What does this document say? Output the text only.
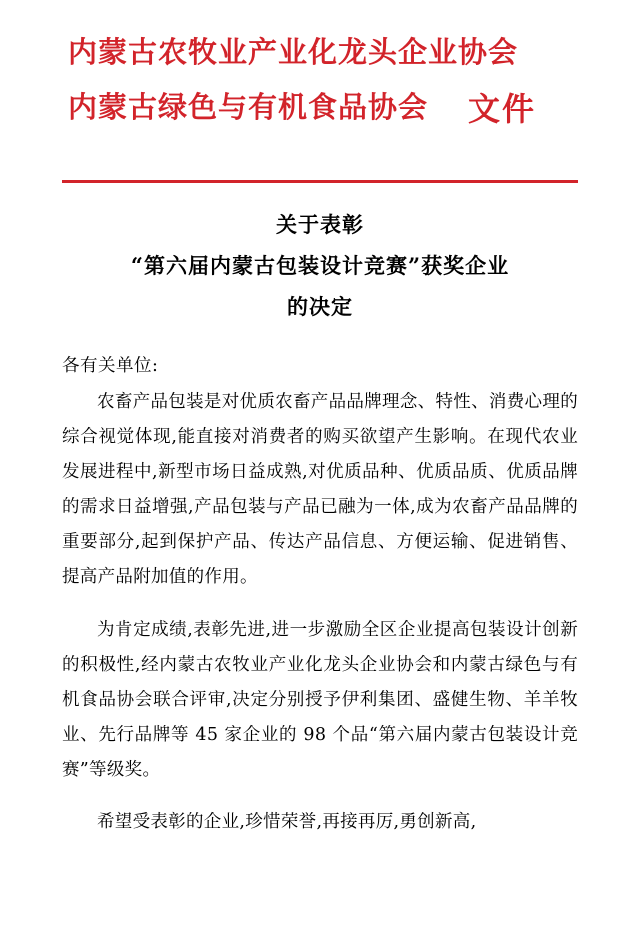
内蒙古农牧业产业化龙头企业协会
内蒙古绿色与有机食品协会	文件
关于表彰
“第六届内蒙古包装设计竞赛”获奖企业
的决定
各有关单位:

农畜产品包装是对优质农畜产品品牌理念、特性、消费心理的综合视觉体现,能直接对消费者的购买欲望产生影响。在现代农业发展进程中,新型市场日益成熟,对优质品种、优质品质、优质品牌的需求日益增强,产品包装与产品已融为一体,成为农畜产品品牌的重要部分,起到保护产品、传达产品信息、方便运输、促进销售、提高产品附加值的作用。

为肯定成绩,表彰先进,进一步激励全区企业提高包装设计创新的积极性,经内蒙古农牧业产业化龙头企业协会和内蒙古绿色与有机食品协会联合评审,决定分别授予伊利集团、盛健生物、羊羊牧业、先行品牌等 45 家企业的 98 个品“第六届内蒙古包装设计竞赛”等级奖。

希望受表彰的企业,珍惜荣誉,再接再厉,勇创新高,
